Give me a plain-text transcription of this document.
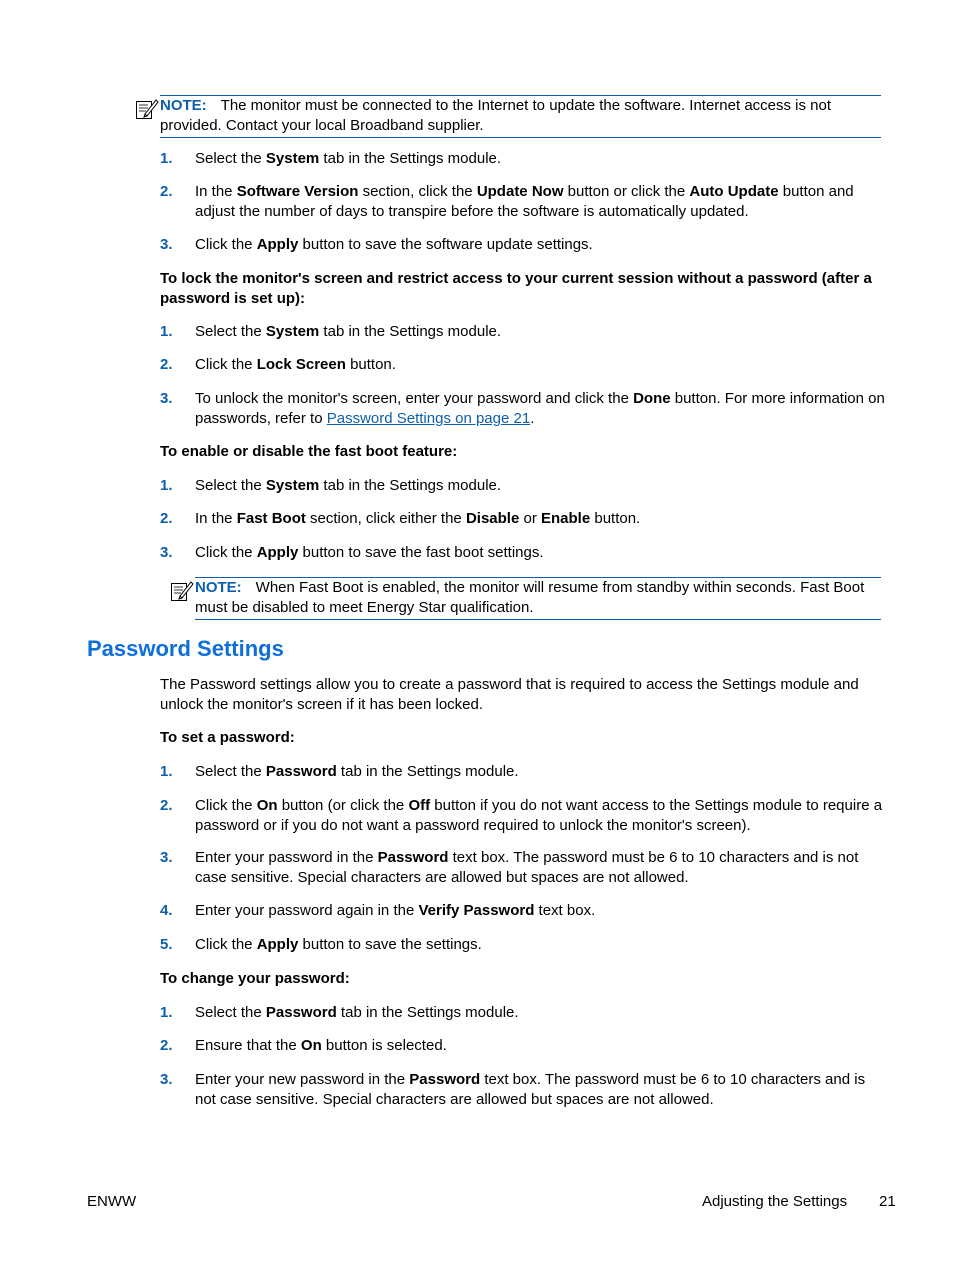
NOTE: The monitor must be connected to the Internet to update the software. Internet access is not provided. Contact your local Broadband supplier.
1. Select the System tab in the Settings module.
2. In the Software Version section, click the Update Now button or click the Auto Update button and adjust the number of days to transpire before the software is automatically updated.
3. Click the Apply button to save the software update settings.
To lock the monitor's screen and restrict access to your current session without a password (after a password is set up):
1. Select the System tab in the Settings module.
2. Click the Lock Screen button.
3. To unlock the monitor's screen, enter your password and click the Done button. For more information on passwords, refer to Password Settings on page 21.
To enable or disable the fast boot feature:
1. Select the System tab in the Settings module.
2. In the Fast Boot section, click either the Disable or Enable button.
3. Click the Apply button to save the fast boot settings.
NOTE: When Fast Boot is enabled, the monitor will resume from standby within seconds. Fast Boot must be disabled to meet Energy Star qualification.
Password Settings
The Password settings allow you to create a password that is required to access the Settings module and unlock the monitor's screen if it has been locked.
To set a password:
1. Select the Password tab in the Settings module.
2. Click the On button (or click the Off button if you do not want access to the Settings module to require a password or if you do not want a password required to unlock the monitor's screen).
3. Enter your password in the Password text box. The password must be 6 to 10 characters and is not case sensitive. Special characters are allowed but spaces are not allowed.
4. Enter your password again in the Verify Password text box.
5. Click the Apply button to save the settings.
To change your password:
1. Select the Password tab in the Settings module.
2. Ensure that the On button is selected.
3. Enter your new password in the Password text box. The password must be 6 to 10 characters and is not case sensitive. Special characters are allowed but spaces are not allowed.
ENWW	Adjusting the Settings 21
